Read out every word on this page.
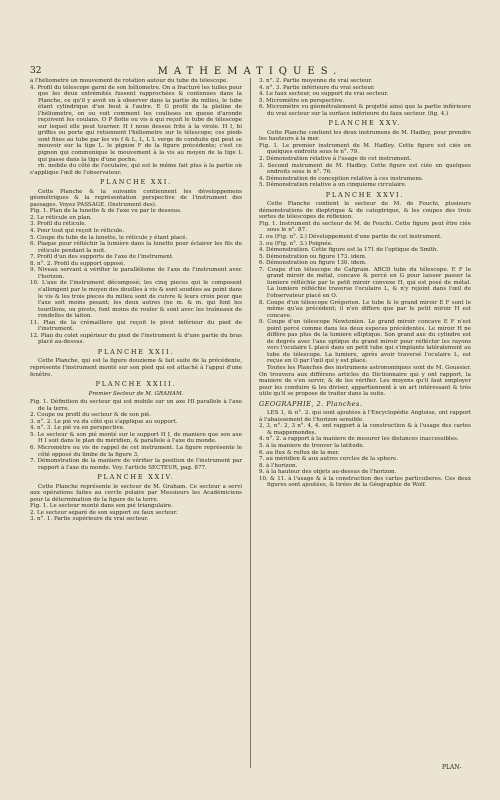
32	MATHEMATIQUES.

à l'héliometre un mouvement de rotation autour du tube du télescope.

4. Profil du télescope garni de son héliometre. On a fracturé les tuiles pour que les deux extrémités fussent rapprochées & contenues dans la Planche, ce qu'il y avoit en à observer dans la partie du milieu, le tube étant cylindrique d'un bout à l'autre. E G profil de la platine de l'héliometre, on ou voit comment les coulisses en queue d'aronde reçoivent les coulans. O P flotte ou vis à qui reçoit le tube de télescope sur lequel elle peut tourner. H I noue dessus frite à la virole. H I, bi griffes ou porte qui retiennent l'héliometre sur le télescope; ces pieds sont fixes au tube par les vis f & L, L, L L verge de conduite qui peut se mouvoir sur la tige L. le pignon F de la figure précédente; c'est ce pignon qui communique le mouvement à la vis au moyen de la tige L qui passe dans la tige d'une poche.

rb. mobile du côté de l'oculaire, qui est le même fait plus à la partie où s'applique l'œil de l'observateur.

PLANCHE XXI.

Cette Planche & la suivante contiennent les développemens géométriques & la représentation perspective de l'instrument des passages. Voyez PASSAGE. (Instrument des).

Fig. 1. Plan de la lunette & de l'axe vu par le dessous.

2. Le réticule en plan.

3. Profil du réticule.

4. Pour tout qui reçoit le réticule.

5. Coupe du tube de la lunette, le réticule y étant placé.

6. Plaque pour réfléchir la lumière dans la lunette pour éclairer les fils du réticule pendant la nuit.

7. Profil d'un des supports de l'axe de l'instrument.

8. n°. 2. Profil du support opposé.

9. Niveau servant à vérifier le parallélisme de l'axe de l'instrument avec l'horizon.

10. L'axe de l'instrument décomposé; les cinq pieces qui le composent s'allongent par le moyen des douilles à vis & sont soudées au point dans le vis & les trois pieces du milieu sont de cuivre & leurs croix pour que l'axe soit moins pesant; les deux autres (ne m. & m. qui font les tourillons, ou pivots, font moins de rouler & sont avec les traîneaux de rondelles de laiton.

11. Plan de la crémaillere qui reçoit le pivot inférieur du pied de l'instrument.

12. Plan du colet supérieur du pied de l'instrument & d'une partie du bras placé au-dessus.

PLANCHE XXII.

Cette Planche, qui est la figure douzieme & fait suite de la précédente, représente l'instrument monté sur son pied qui est attaché à l'appui d'une fenêtre.

PLANCHE XXIII.

Premier Secteur de M. GRAHAM.

Fig. 1. Définition du secteur qui est mobile sur un axe HI parallele à l'axe de la terre.

2. Coupe ou profil du secteur & de son pié.

3. n°. 2. Le pié vu du côté qui s'applique au support.

4. n°. 3. Le pié vu en perspective.

5. Le secteur & son pié monté sur le support H I, de maniere que son axe H I soit dans le plan du méridien, & parallele à l'axe du monde.

6. Micromètre ou vis de rappel de cet instrument. La figure représente le côté opposé du limbe de la figure 3.

7. Démonstration de la maniere de vérifier la position de l'instrument par rapport à l'axe du monde. Voy. l'article SECTEUR, pag. 877.

PLANCHE XXIV.

Cette Planche représente le secteur de M. Graham. Ce secteur a servi aux opérations faites au cercle polaire par Messieurs les Académiciens pour la détermination de la figure de la terre.

Fig. 1. Le secteur monté dans son pié triangulaire.

2. Le secteur séparé de son support ou faux secteur.

3. n°. 1. Partie supérieure du vrai secteur.

3. n°. 2. Partie moyenne du vrai secteur.

4. n°. 3. Partie inférieure du vrai secteur.

4. Le faux secteur, ou support du vrai secteur.

5. Micromètre en perspective.

6. Micromètre vu géométralement & projetté ainsi que la partie inférieure du vrai secteur sur la surface inférieure du faux secteur. (fig. 4.)

PLANCHE XXV.

Cette Planche contient les deux instrumens de M. Hadley, pour prendre les hauteurs à la mer.

Fig. 1. Le premier instrument de M. Hadley. Cette figure est ciée en quelques endroits sous le n°. 79.

2. Démonstration relative à l'usage de cet instrument.

3. Second instrument de M. Hadley. Cette figure est ciée en quelques endroits sous le n°. 76.

4. Démonstration de conception relative à ces instrumens.

5. Démonstration relative à un cinquieme circulaire.

PLANCHE XXVI.

Cette Planche contient le secteur de M. de Fouchi, plusieurs démonstrations de dioptrique & de catoptrique, & les coupes des trois sortes de télescopes de réflexion.

Fig. 1. Instrument du secteur de M. de Fouchi. Cette figure peut être ciée sous le n°. 87.

2. ou (Fig. n°. 2.) Développement d'une partie de cet instrument.

3. ou (Fig. n°. 3.) Poignée.

4. Démonstration. Cette figure est la 171 de l'optique de Smith.

5. Démonstration ou figure 173. idem.

6. Démonstration ou figure 130. idem.

7. Coupe d'un télescope de Cafgrain. ABCD tube du télescope. E F le grand miroir de métal, concave & percé en G pour laisser passer la lumiere réfléchie par le petit miroir convexe H, qui est posé de métal. La lumiere réfléchie traverse l'oculaire L, & n'y rejoint dans l'œil de l'observateur placé en O.

8. Coupe d'un télescope Grégorien. Le tube & le grand miroir E F sont le même qu'au précédent; il n'en differe que par le petit miroir H est concave.

9. Coupe d'un télescope Newtonien. Le grand miroir concave E F n'est point percé comme dans les deux especes précédentes. Le miroir H ne différe pas plus de la lumiere elliptique. Son grand axe du cylindre est de degrés avec l'axe optique du grand miroir pour réfléchir les rayons vers l'oculaire L placé dans un petit tube qui s'implante latéralement au tube du télescope. La lumiere, après avoir traversé l'oculaire L, est reçue en O par l'œil qui y est placé.

Toutes les Planches des instrumens astronomiques sont de M. Goussier. On trouvera aux différens articles du Dictionnaire qui y ont rapport, la maniere de s'en servir, & de les vérifier. Les moyens qu'il faut employer pour les conduire & les diviser, appartiennent à un art intéressant & très utile qu'il se propose de traiter dans la suite.

GEOGRAPHIE, 2. Planches.

LES 1, & n°. 2. qui sont ajoutées à l'Encyclopédie Angloise, ont rapport à l'abaissement de l'horizon sensible.

2, 3, n°. 2, 3 n°. 4, 4. ont rapport à la construction & à l'usage des cartes & mappemondes.

4. n°. 2. a rapport à la maniere de mesurer les distances inaccessibles.

5. à la maniere de trouver la latitude.

6. au flux & reflux de la mer.

7. au méridien & aux autres cercles de la sphere.

8. à l'horizon.

9. à la hauteur des objets au-dessus de l'horizon.

10. & 11. à l'usage & à la construction des cartes particulieres. Ces deux figures sont ajoutées, & tirées de la Géographie de Wolf.

PLAN-
